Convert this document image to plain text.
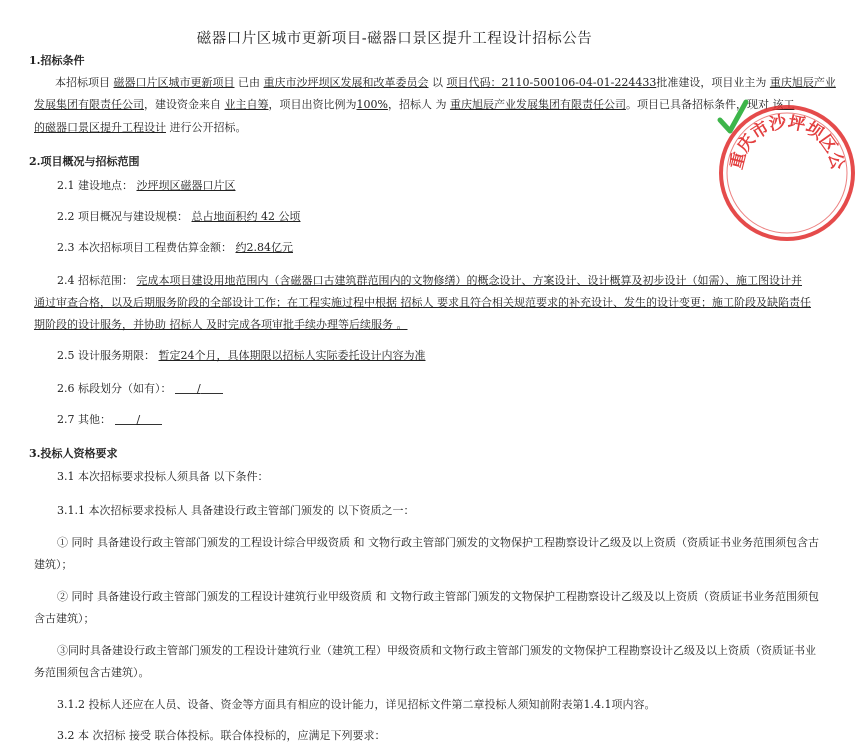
磁器口片区城市更新项目-磁器口景区提升工程设计招标公告
1.招标条件
本招标项目 磁器口片区城市更新项目 已由 重庆市沙坪坝区发展和改革委员会 以 项目代码：2110-500106-04-01-224433批准建设，项目业主为 重庆旭辰产业
发展集团有限责任公司，建设资金来自 业主自筹，项目出资比例为100%，招标人 为 重庆旭辰产业发展集团有限责任公司。项目已具备招标条件，现对 该工
的磁器口景区提升工程设计 进行公开招标。
2.项目概况与招标范围
2.1 建设地点： 沙坪坝区磁器口片区
2.2 项目概况与建设规模： 总占地面积约 42 公顷
2.3 本次招标项目工程费估算金额： 约2.84亿元
2.4 招标范围： 完成本项目建设用地范围内（含磁器口古建筑群范围内的文物修缮）的概念设计、方案设计、设计概算及初步设计（如需）、施工图设计并
通过审查合格，以及后期服务阶段的全部设计工作；在工程实施过程中根据 招标人 要求且符合相关规范要求的补充设计、发生的设计变更；施工阶段及缺陷责任
期阶段的设计服务，并协助 招标人 及时完成各项审批手续办理等后续服务 。
2.5 设计服务期限： 暂定24个月，具体期限以招标人实际委托设计内容为准
2.6 标段划分（如有）： /
2.7 其他： /
3.投标人资格要求
3.1 本次招标要求投标人须具备 以下条件：
3.1.1 本次招标要求投标人 具备建设行政主管部门颁发的 以下资质之一：
① 同时 具备建设行政主管部门颁发的工程设计综合甲级资质 和 文物行政主管部门颁发的文物保护工程勘察设计乙级及以上资质（资质证书业务范围须包含古
建筑）；
② 同时 具备建设行政主管部门颁发的工程设计建筑行业甲级资质 和 文物行政主管部门颁发的文物保护工程勘察设计乙级及以上资质（资质证书业务范围须包
含古建筑）；
③同时具备建设行政主管部门颁发的工程设计建筑行业（建筑工程）甲级资质和文物行政主管部门颁发的文物保护工程勘察设计乙级及以上资质（资质证书业
务范围须包含古建筑）。
3.1.2 投标人还应在人员、设备、资金等方面具有相应的设计能力，详见招标文件第二章投标人须知前附表第1.4.1项内容。
3.2 本 次招标 接受 联合体投标。联合体投标的，应满足下列要求：
重庆市沙坪坝区公
